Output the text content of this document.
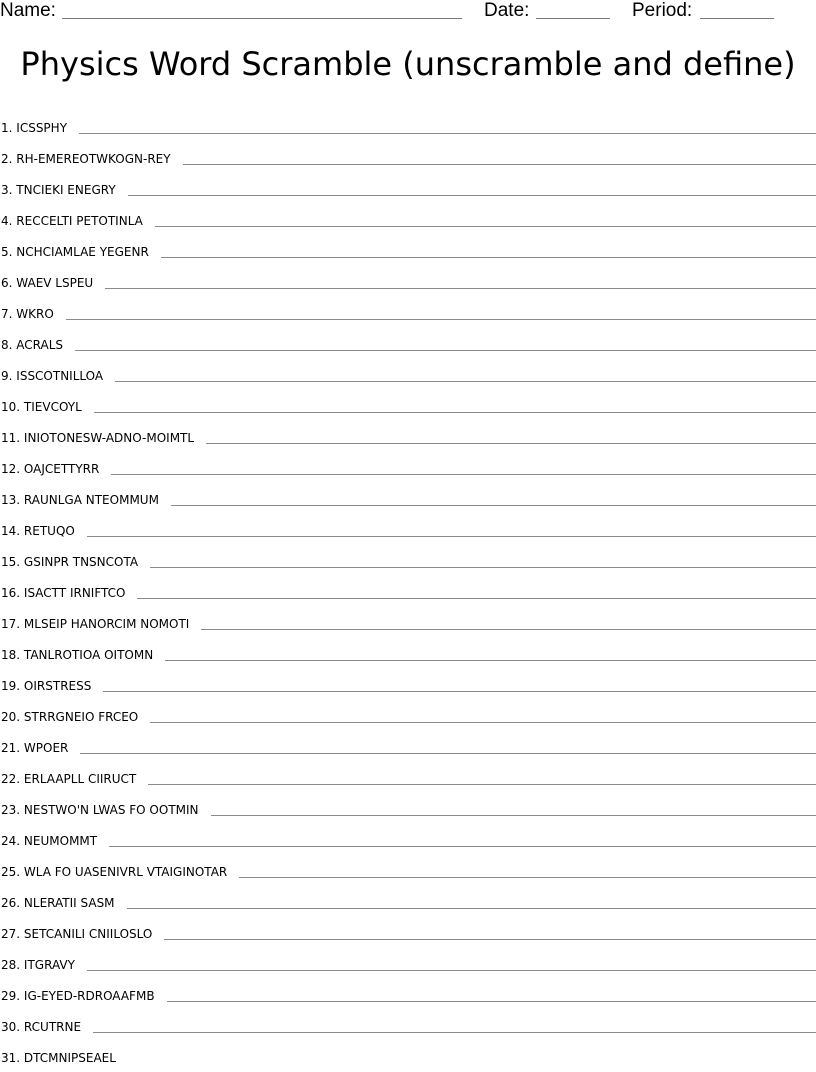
Name:	Date:	Period:
Physics Word Scramble (unscramble and define)
1. ICSSPHY
2. RH-EMEREOTWKOGN-REY
3. TNCIEKI ENEGRY
4. RECCELTI PETOTINLA
5. NCHCIAMLAE YEGENR
6. WAEV LSPEU
7. WKRO
8. ACRALS
9. ISSCOTNILLOA
10. TIEVCOYL
11. INIOTONESW-ADNO-MOIMTL
12. OAJCETTYRR
13. RAUNLGA NTEOMMUM
14. RETUQO
15. GSINPR TNSNCOTA
16. ISACTT IRNIFTCO
17. MLSEIP HANORCIM NOMOTI
18. TANLROTIOA OITOMN
19. OIRSTRESS
20. STRRGNEIO FRCEO
21. WPOER
22. ERLAAPLL CIIRUCT
23. NESTWO'N LWAS FO OOTMIN
24. NEUMOMMT
25. WLA FO UASENIVRL VTAIGINOTAR
26. NLERATII SASM
27. SETCANILI CNIILOSLO
28. ITGRAVY
29. IG-EYED-RDROAAFMB
30. RCUTRNE
31. DTCMNIPSEAEL
